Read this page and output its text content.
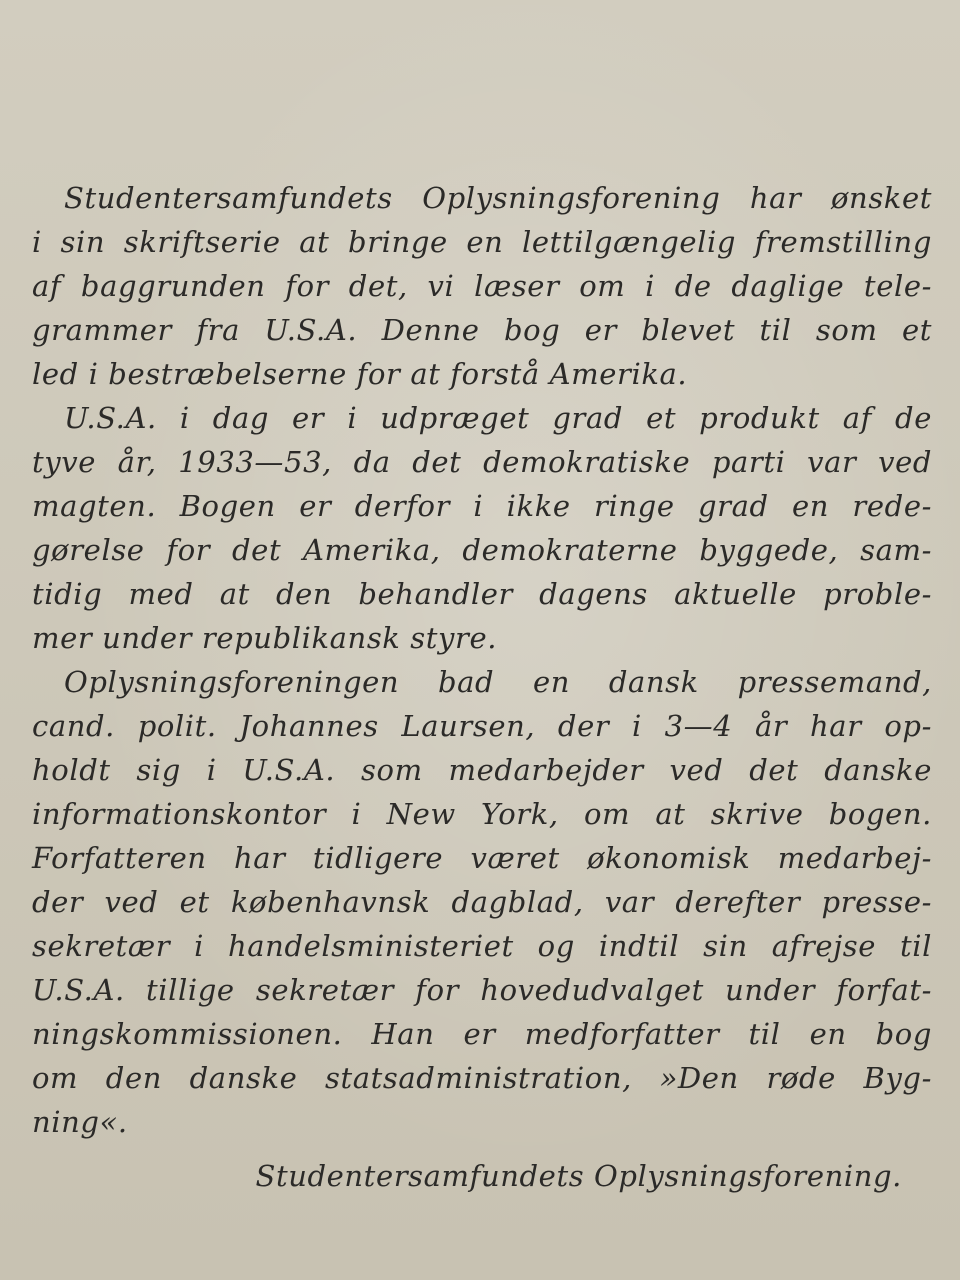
Studentersamfundets Oplysningsforening har ønsket
i sin skriftserie at bringe en lettilgængelig fremstilling
af baggrunden for det, vi læser om i de daglige tele-
grammer fra U.S.A. Denne bog er blevet til som et
led i bestræbelserne for at forstå Amerika.
U.S.A. i dag er i udpræget grad et produkt af de
tyve år, 1933—53, da det demokratiske parti var ved
magten. Bogen er derfor i ikke ringe grad en rede-
gørelse for det Amerika, demokraterne byggede, sam-
tidig med at den behandler dagens aktuelle proble-
mer under republikansk styre.
Oplysningsforeningen bad en dansk pressemand,
cand. polit. Johannes Laursen, der i 3—4 år har op-
holdt sig i U.S.A. som medarbejder ved det danske
informationskontor i New York, om at skrive bogen.
Forfatteren har tidligere været økonomisk medarbej-
der ved et københavnsk dagblad, var derefter presse-
sekretær i handelsministeriet og indtil sin afrejse til
U.S.A. tillige sekretær for hovedudvalget under forfat-
ningskommissionen. Han er medforfatter til en bog
om den danske statsadministration, »Den røde Byg-
ning«.
Studentersamfundets Oplysningsforening.
